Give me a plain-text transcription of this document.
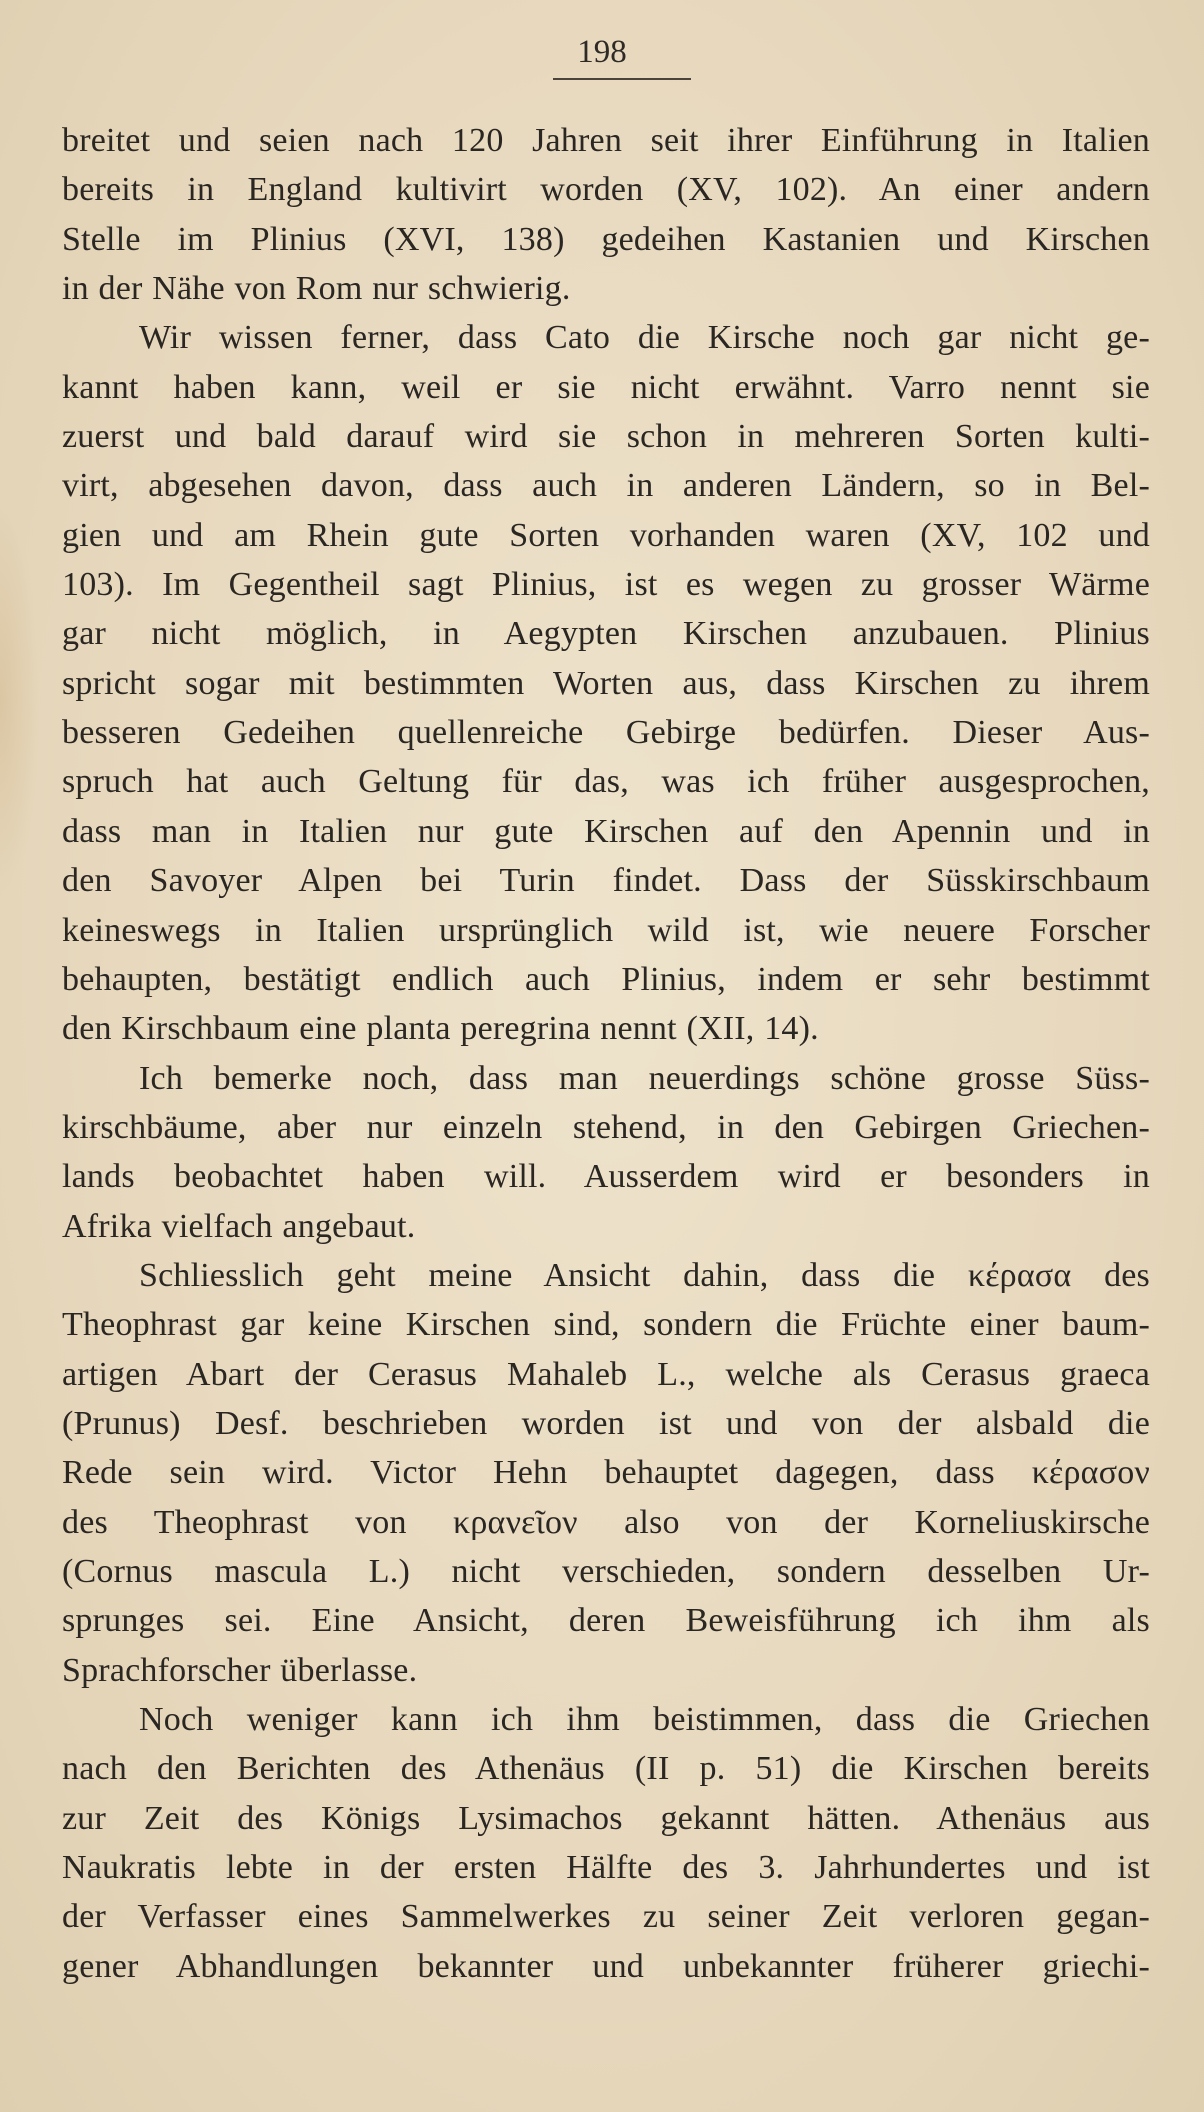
198
breitet und seien nach 120 Jahren seit ihrer Einführung in Italien
bereits in England kultivirt worden (XV, 102). An einer andern
Stelle im Plinius (XVI, 138) gedeihen Kastanien und Kirschen
in der Nähe von Rom nur schwierig.
Wir wissen ferner, dass Cato die Kirsche noch gar nicht ge-
kannt haben kann, weil er sie nicht erwähnt. Varro nennt sie
zuerst und bald darauf wird sie schon in mehreren Sorten kulti-
virt, abgesehen davon, dass auch in anderen Ländern, so in Bel-
gien und am Rhein gute Sorten vorhanden waren (XV, 102 und
103). Im Gegentheil sagt Plinius, ist es wegen zu grosser Wärme
gar nicht möglich, in Aegypten Kirschen anzubauen. Plinius
spricht sogar mit bestimmten Worten aus, dass Kirschen zu ihrem
besseren Gedeihen quellenreiche Gebirge bedürfen. Dieser Aus-
spruch hat auch Geltung für das, was ich früher ausgesprochen,
dass man in Italien nur gute Kirschen auf den Apennin und in
den Savoyer Alpen bei Turin findet. Dass der Süsskirschbaum
keineswegs in Italien ursprünglich wild ist, wie neuere Forscher
behaupten, bestätigt endlich auch Plinius, indem er sehr bestimmt
den Kirschbaum eine planta peregrina nennt (XII, 14).
Ich bemerke noch, dass man neuerdings schöne grosse Süss-
kirschbäume, aber nur einzeln stehend, in den Gebirgen Griechen-
lands beobachtet haben will. Ausserdem wird er besonders in
Afrika vielfach angebaut.
Schliesslich geht meine Ansicht dahin, dass die κέρασα des
Theophrast gar keine Kirschen sind, sondern die Früchte einer baum-
artigen Abart der Cerasus Mahaleb L., welche als Cerasus graeca
(Prunus) Desf. beschrieben worden ist und von der alsbald die
Rede sein wird. Victor Hehn behauptet dagegen, dass κέρασον
des Theophrast von κρανεῖον also von der Korneliuskirsche
(Cornus mascula L.) nicht verschieden, sondern desselben Ur-
sprunges sei. Eine Ansicht, deren Beweisführung ich ihm als
Sprachforscher überlasse.
Noch weniger kann ich ihm beistimmen, dass die Griechen
nach den Berichten des Athenäus (II p. 51) die Kirschen bereits
zur Zeit des Königs Lysimachos gekannt hätten. Athenäus aus
Naukratis lebte in der ersten Hälfte des 3. Jahrhundertes und ist
der Verfasser eines Sammelwerkes zu seiner Zeit verloren gegan-
gener Abhandlungen bekannter und unbekannter früherer griechi-
